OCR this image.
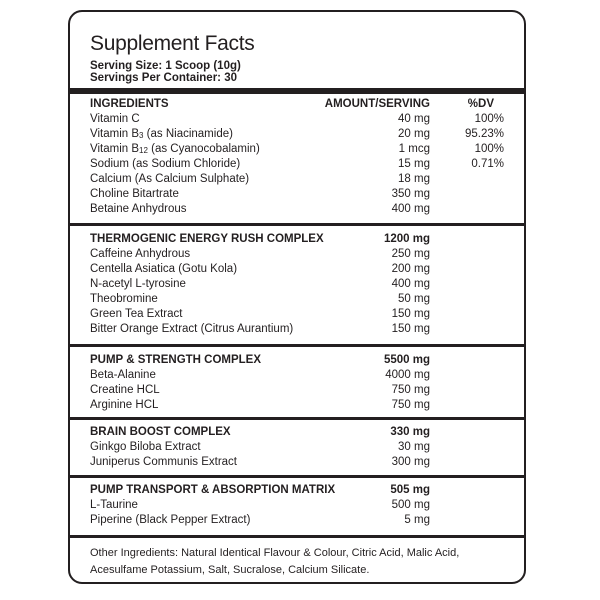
Supplement Facts
Serving Size: 1 Scoop (10g)
Servings Per Container: 30
INGREDIENTS	AMOUNT/SERVING	%DV
Vitamin C	40 mg	100%
Vitamin B3 (as Niacinamide)	20 mg	95.23%
Vitamin B12 (as Cyanocobalamin)	1 mcg	100%
Sodium (as Sodium Chloride)	15 mg	0.71%
Calcium (As Calcium Sulphate)	18 mg
Choline Bitartrate	350 mg
Betaine Anhydrous	400 mg
THERMOGENIC ENERGY RUSH COMPLEX	1200 mg
Caffeine Anhydrous	250 mg
Centella Asiatica (Gotu Kola)	200 mg
N-acetyl L-tyrosine	400 mg
Theobromine	50 mg
Green Tea Extract	150 mg
Bitter Orange Extract (Citrus Aurantium)	150 mg
PUMP & STRENGTH COMPLEX	5500 mg
Beta-Alanine	4000 mg
Creatine HCL	750 mg
Arginine HCL	750 mg
BRAIN BOOST COMPLEX	330 mg
Ginkgo Biloba Extract	30 mg
Juniperus Communis Extract	300 mg
PUMP TRANSPORT & ABSORPTION MATRIX	505 mg
L-Taurine	500 mg
Piperine (Black Pepper Extract)	5 mg
Other Ingredients: Natural Identical Flavour & Colour, Citric Acid, Malic Acid,
Acesulfame Potassium, Salt, Sucralose, Calcium Silicate.
